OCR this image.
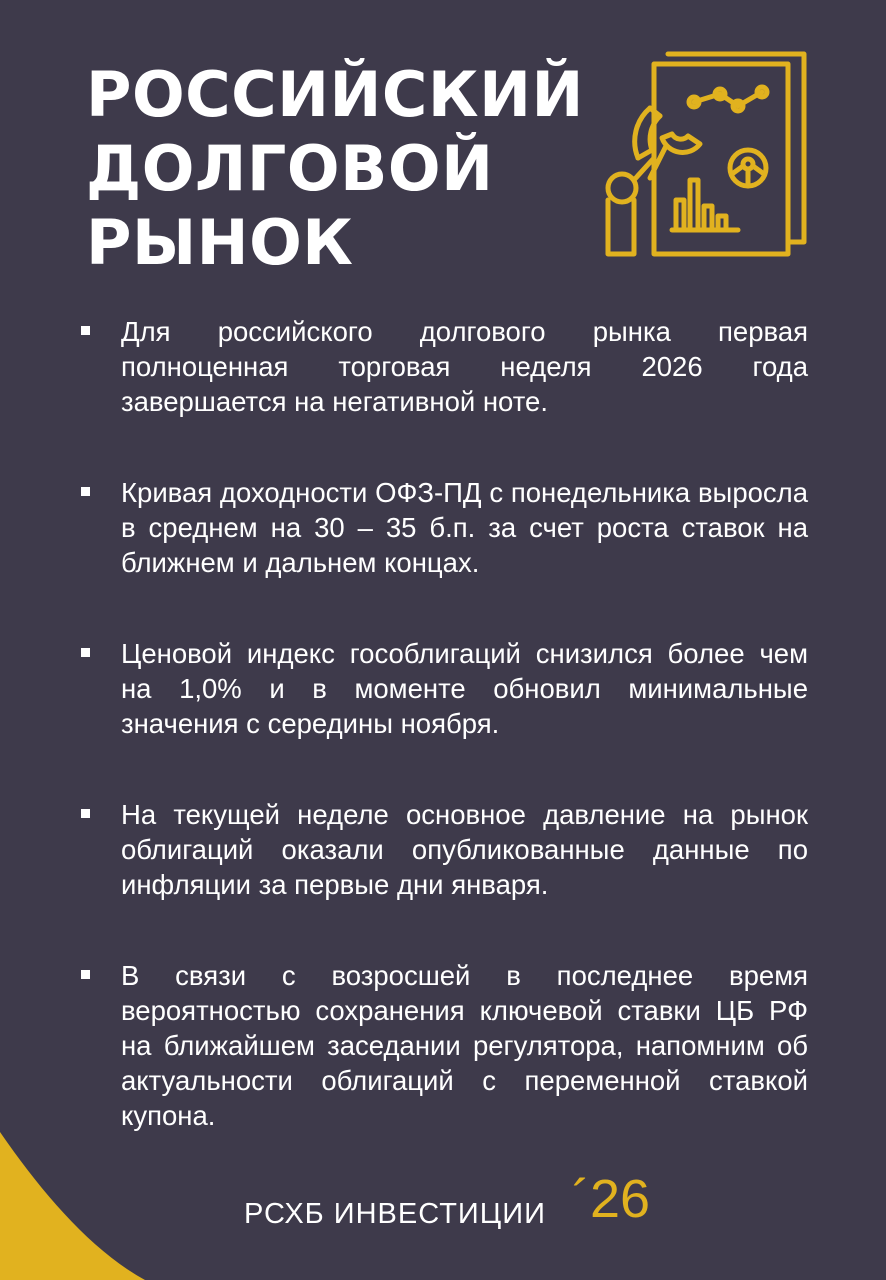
РОССИЙСКИЙ
ДОЛГОВОЙ
РЫНОК
Для российского долгового рынка первая полноценная торговая неделя 2026 года завершается на негативной ноте.
Кривая доходности ОФЗ-ПД с понедельника выросла в среднем на 30 – 35 б.п. за счет роста ставок на ближнем и дальнем концах.
Ценовой индекс гособлигаций снизился более чем на 1,0% и в моменте обновил минимальные значения с середины ноября.
На текущей неделе основное давление на рынок облигаций оказали опубликованные данные по инфляции за первые дни января.
В связи с возросшей в последнее время вероятностью сохранения ключевой ставки ЦБ РФ на ближайшем заседании регулятора, напомним об актуальности облигаций с переменной ставкой купона.
РСХБ ИНВЕСТИЦИИ ´26
